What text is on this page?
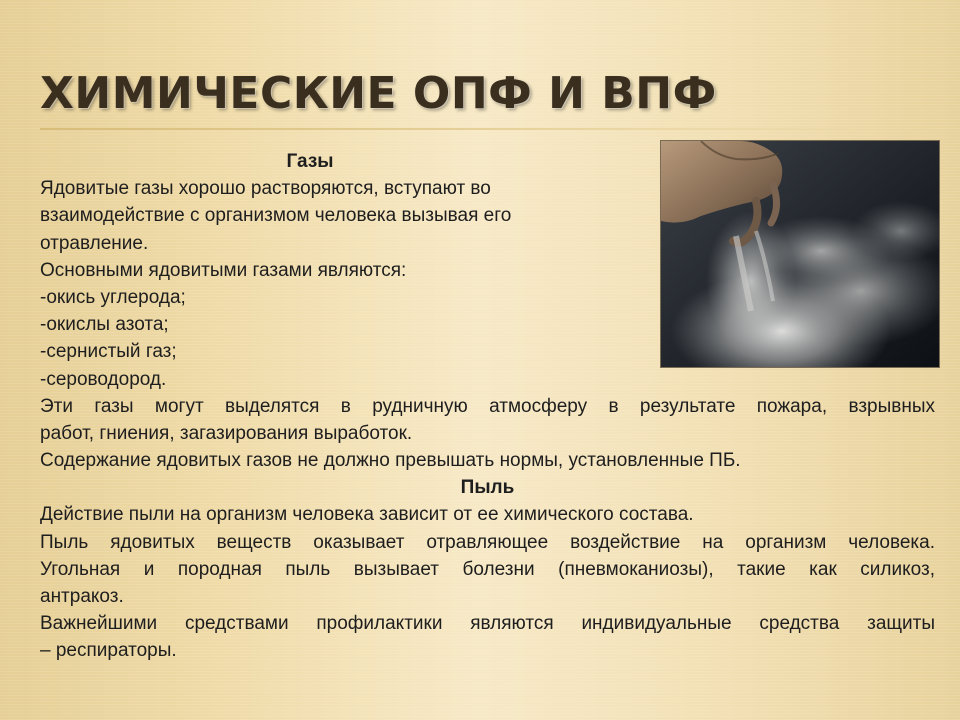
ХИМИЧЕСКИЕ ОПФ И ВПФ
Газы
Ядовитые газы хорошо растворяются, вступают во
взаимодействие с организмом человека вызывая его
отравление.
Основными ядовитыми газами являются:
-окись углерода;
-окислы азота;
-сернистый газ;
-сероводород.
Эти газы могут выделятся в рудничную атмосферу в результате пожара, взрывных
работ, гниения, загазирования выработок.
Содержание ядовитых газов не должно превышать нормы, установленные ПБ.
Пыль
Действие пыли на организм человека зависит от ее химического состава.
Пыль ядовитых веществ оказывает отравляющее воздействие на организм человека.
Угольная и породная пыль вызывает болезни (пневмокaниозы), такие как силикоз,
антракоз.
Важнейшими средствами профилактики являются индивидуальные средства защиты
– респираторы.
